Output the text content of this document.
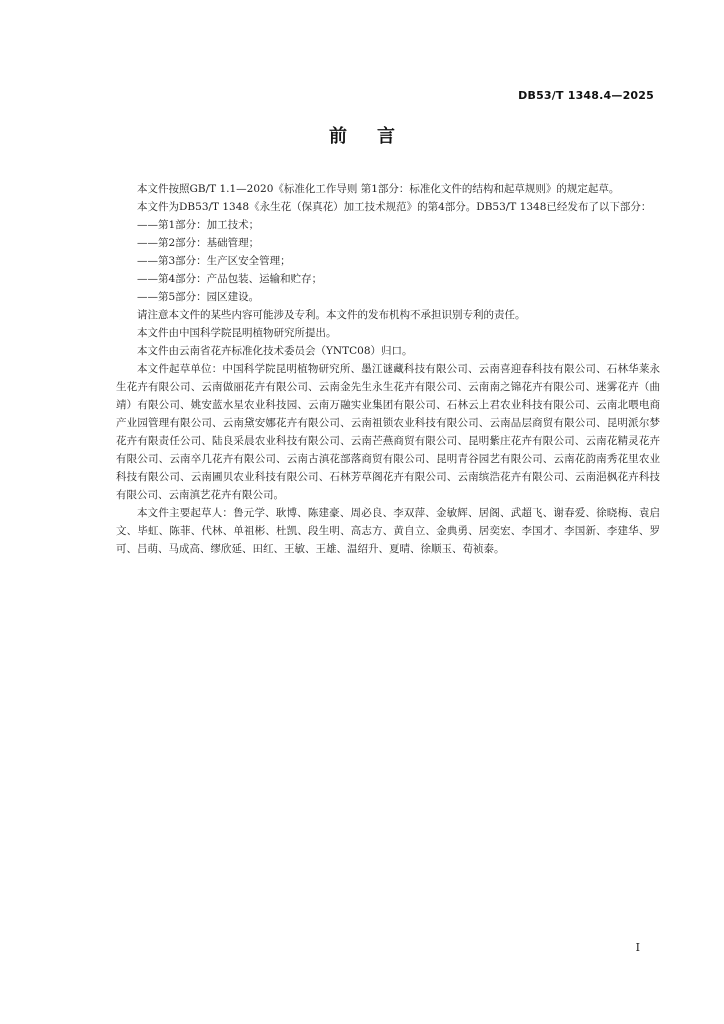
DB53/T 1348.4—2025
前言

本文件按照GB/T 1.1—2020《标准化工作导则 第1部分：标准化文件的结构和起草规则》的规定起草。

本文件为DB53/T 1348《永生花（保真花）加工技术规范》的第4部分。DB53/T 1348已经发布了以下部分：

——第1部分：加工技术；

——第2部分：基础管理；

——第3部分：生产区安全管理；

——第4部分：产品包装、运输和贮存；

——第5部分：园区建设。

请注意本文件的某些内容可能涉及专利。本文件的发布机构不承担识别专利的责任。

本文件由中国科学院昆明植物研究所提出。

本文件由云南省花卉标准化技术委员会（YNTC08）归口。

本文件起草单位：中国科学院昆明植物研究所、墨江谜藏科技有限公司、云南喜迎春科技有限公司、石林华莱永生花卉有限公司、云南做丽花卉有限公司、云南金先生永生花卉有限公司、云南南之锦花卉有限公司、迷雾花卉（曲靖）有限公司、姚安蓝水星农业科技园、云南万融实业集团有限公司、石林云上君农业科技有限公司、云南北喂电商产业园管理有限公司、云南黛安娜花卉有限公司、云南祖锁农业科技有限公司、云南品层商贸有限公司、昆明派尔梦花卉有限责任公司、陆良采晨农业科技有限公司、云南芒燕商贸有限公司、昆明紫庄花卉有限公司、云南花精灵花卉有限公司、云南卒几花卉有限公司、云南古滇花部落商贸有限公司、昆明青谷园艺有限公司、云南花韵南秀花里农业科技有限公司、云南圃贝农业科技有限公司、石林芳草阁花卉有限公司、云南缤浩花卉有限公司、云南浥枫花卉科技有限公司、云南滇艺花卉有限公司。

本文件主要起草人：鲁元学、耿博、陈建豪、周必良、李双萍、金敏辉、居阁、武超飞、谢春爱、徐晓梅、袁启文、毕虹、陈菲、代林、单祖彬、杜凯、段生明、高志方、黄自立、金典勇、居奕宏、李国才、李国新、李建华、罗可、吕萌、马成高、缪欣延、田红、王敏、王雄、温绍升、夏晴、徐顺玉、荀祯泰。

I
